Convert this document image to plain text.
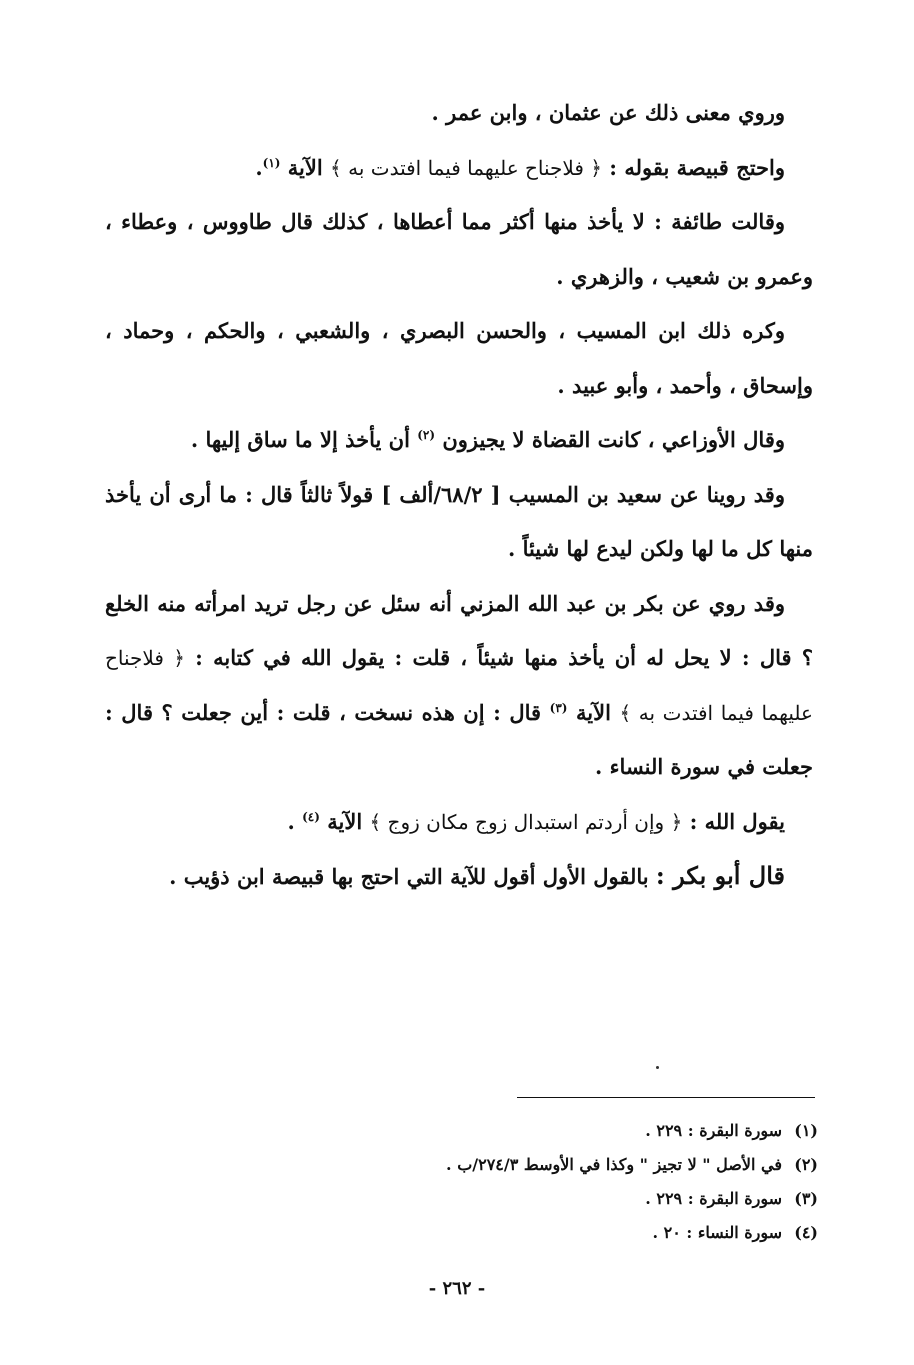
وروي معنى ذلك عن عثمان ، وابن عمر .

واحتج قبيصة بقوله : ﴿ فلاجناح عليهما فيما افتدت به ﴾ الآية $^{(١)}$.

وقالت طائفة : لا يأخذ منها أكثر مما أعطاها ، كذلك قال طاووس ، وعطاء ، وعمرو بن شعيب ، والزهري .

وكره ذلك ابن المسيب ، والحسن البصري ، والشعبي ، والحكم ، وحماد ، وإسحاق ، وأحمد ، وأبو عبيد .

وقال الأوزاعي ، كانت القضاة لا يجيزون $^{(٢)}$ أن يأخذ إلا ما ساق إليها .

وقد روينا عن سعيد بن المسيب [ ٦٨/٢/ألف ] قولاً ثالثاً قال : ما أرى أن يأخذ منها كل ما لها ولكن ليدع لها شيئاً .

وقد روي عن بكر بن عبد الله المزني أنه سئل عن رجل تريد امرأته منه الخلع ؟ قال : لا يحل له أن يأخذ منها شيئاً ، قلت : يقول الله في كتابه : ﴿ فلاجناح عليهما فيما افتدت به ﴾ الآية $^{(٣)}$ قال : إن هذه نسخت ، قلت : أين جعلت ؟ قال : جعلت في سورة النساء .

يقول الله : ﴿ وإن أردتم استبدال زوج مكان زوج ﴾ الآية $^{(٤)}$ .

قال أبو بكر : بالقول الأول أقول للآية التي احتج بها قبيصة ابن ذؤيب .

(١)سورة البقرة : ٢٢٩ .
(٢)في الأصل " لا تجيز " وكذا في الأوسط ٢٧٤/٣/ب .
(٣)سورة البقرة : ٢٢٩ .
(٤)سورة النساء : ٢٠ .
- ٢٦٢ -
